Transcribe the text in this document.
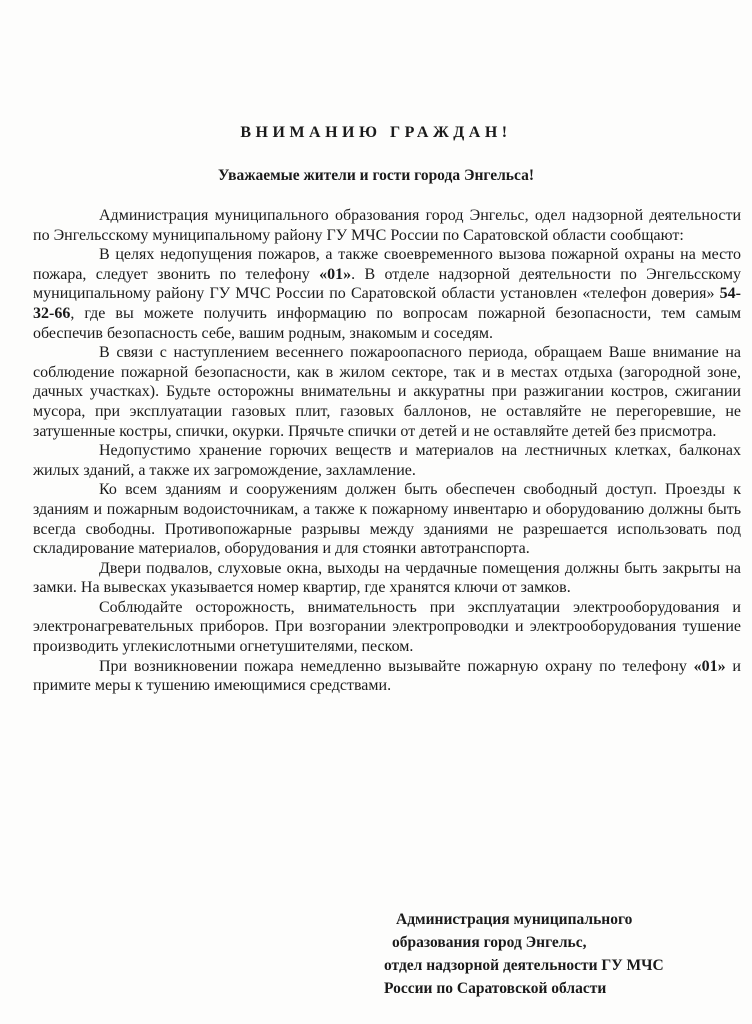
ВНИМАНИЮ ГРАЖДАН!
Уважаемые жители и гости города Энгельса!

Администрация муниципального образования город Энгельс, одел надзорной деятельности по Энгельсскому муниципальному району ГУ МЧС России по Саратовской области сообщают:

В целях недопущения пожаров, а также своевременного вызова пожарной охраны на место пожара, следует звонить по телефону «01». В отделе надзорной деятельности по Энгельсскому муниципальному району ГУ МЧС России по Саратовской области установлен «телефон доверия» 54-32-66, где вы можете получить информацию по вопросам пожарной безопасности, тем самым обеспечив безопасность себе, вашим родным, знакомым и соседям.

В связи с наступлением весеннего пожароопасного периода, обращаем Ваше внимание на соблюдение пожарной безопасности, как в жилом секторе, так и в местах отдыха (загородной зоне, дачных участках). Будьте осторожны внимательны и аккуратны при разжигании костров, сжигании мусора, при эксплуатации газовых плит, газовых баллонов, не оставляйте не перегоревшие, не затушенные костры, спички, окурки. Прячьте спички от детей и не оставляйте детей без присмотра.

Недопустимо хранение горючих веществ и материалов на лестничных клетках, балконах жилых зданий, а также их загромождение, захламление.

Ко всем зданиям и сооружениям должен быть обеспечен свободный доступ. Проезды к зданиям и пожарным водоисточникам, а также к пожарному инвентарю и оборудованию должны быть всегда свободны. Противопожарные разрывы между зданиями не разрешается использовать под складирование материалов, оборудования и для стоянки автотранспорта.

Двери подвалов, слуховые окна, выходы на чердачные помещения должны быть закрыты на замки. На вывесках указывается номер квартир, где хранятся ключи от замков.

Соблюдайте осторожность, внимательность при эксплуатации электрооборудования и электронагревательных приборов. При возгорании электропроводки и электрооборудования тушение производить углекислотными огнетушителями, песком.

При возникновении пожара немедленно вызывайте пожарную охрану по телефону «01» и примите меры к тушению имеющимися средствами.

Администрация муниципального
образования город Энгельс,
отдел надзорной деятельности ГУ МЧС
России по Саратовской области
